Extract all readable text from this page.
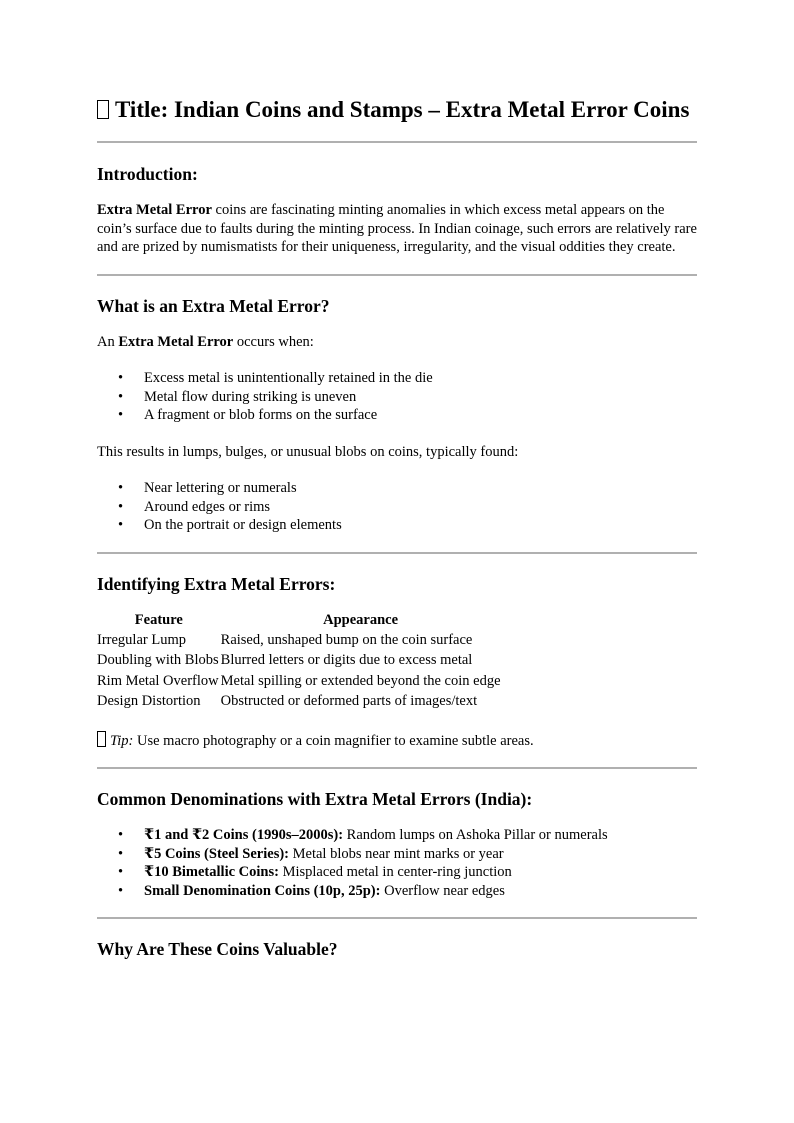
Title: Indian Coins and Stamps – Extra Metal Error Coins
Introduction:

Extra Metal Error coins are fascinating minting anomalies in which excess metal appears on the coin’s surface due to faults during the minting process. In Indian coinage, such errors are relatively rare and are prized by numismatists for their uniqueness, irregularity, and the visual oddities they create.

What is an Extra Metal Error?

An Extra Metal Error occurs when:

• Excess metal is unintentionally retained in the die
• Metal flow during striking is uneven
• A fragment or blob forms on the surface

This results in lumps, bulges, or unusual blobs on coins, typically found:

• Near lettering or numerals
• Around edges or rims
• On the portrait or design elements
Identifying Extra Metal Errors:
Feature	Appearance
Irregular Lump	Raised, unshaped bump on the coin surface
Doubling with Blobs	Blurred letters or digits due to excess metal
Rim Metal Overflow	Metal spilling or extended beyond the coin edge
Design Distortion	Obstructed or deformed parts of images/text

Tip: Use macro photography or a coin magnifier to examine subtle areas.

Common Denominations with Extra Metal Errors (India):
• ₹1 and ₹2 Coins (1990s–2000s): Random lumps on Ashoka Pillar or numerals
• ₹5 Coins (Steel Series): Metal blobs near mint marks or year
• ₹10 Bimetallic Coins: Misplaced metal in center-ring junction
• Small Denomination Coins (10p, 25p): Overflow near edges
Why Are These Coins Valuable?
